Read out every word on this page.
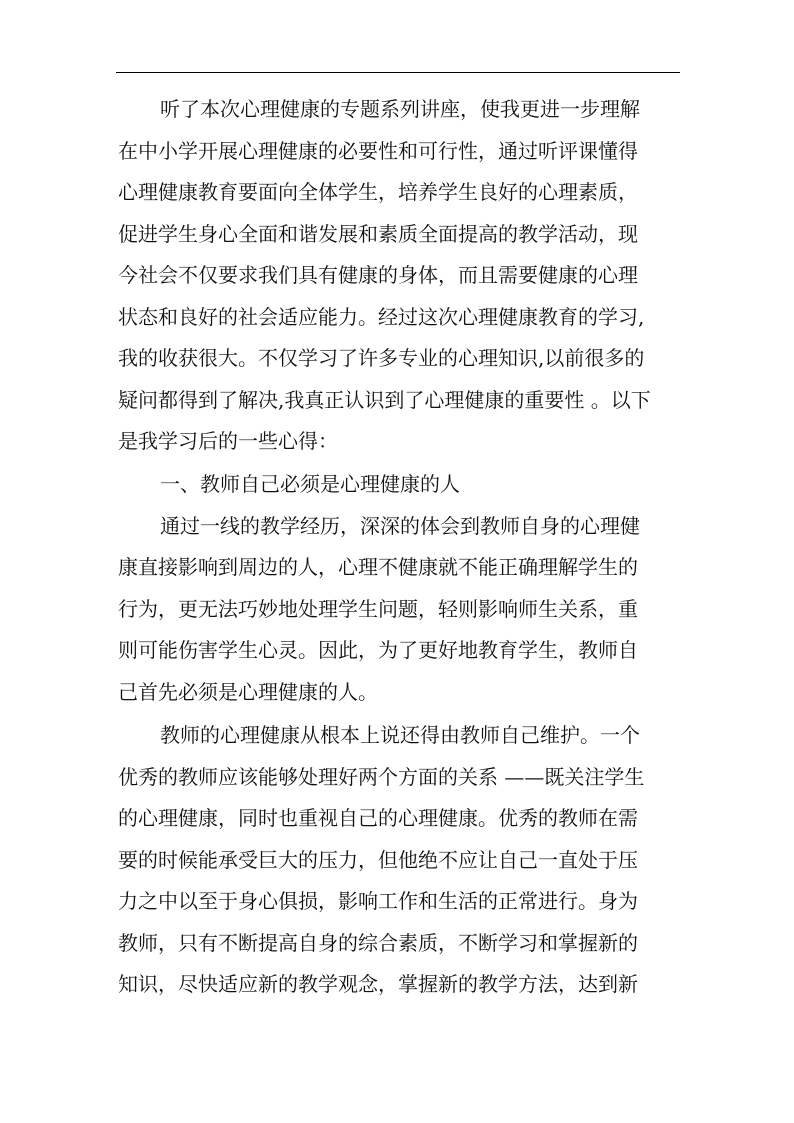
听了本次心理健康的专题系列讲座，使我更进一步理解
在中小学开展心理健康的必要性和可行性，通过听评课懂得
心理健康教育要面向全体学生，培养学生良好的心理素质，
促进学生身心全面和谐发展和素质全面提高的教学活动，现
今社会不仅要求我们具有健康的身体，而且需要健康的心理
状态和良好的社会适应能力。经过这次心理健康教育的学习,
我的收获很大。不仅学习了许多专业的心理知识,以前很多的
疑问都得到了解决,我真正认识到了心理健康的重要性 。以下
是我学习后的一些心得：
一、教师自己必须是心理健康的人
通过一线的教学经历，深深的体会到教师自身的心理健
康直接影响到周边的人，心理不健康就不能正确理解学生的
行为，更无法巧妙地处理学生问题，轻则影响师生关系，重
则可能伤害学生心灵。因此，为了更好地教育学生，教师自
己首先必须是心理健康的人。
教师的心理健康从根本上说还得由教师自己维护。一个
优秀的教师应该能够处理好两个方面的关系 ——既关注学生
的心理健康，同时也重视自己的心理健康。优秀的教师在需
要的时候能承受巨大的压力，但他绝不应让自己一直处于压
力之中以至于身心俱损，影响工作和生活的正常进行。身为
教师，只有不断提高自身的综合素质，不断学习和掌握新的
知识，尽快适应新的教学观念，掌握新的教学方法，达到新
